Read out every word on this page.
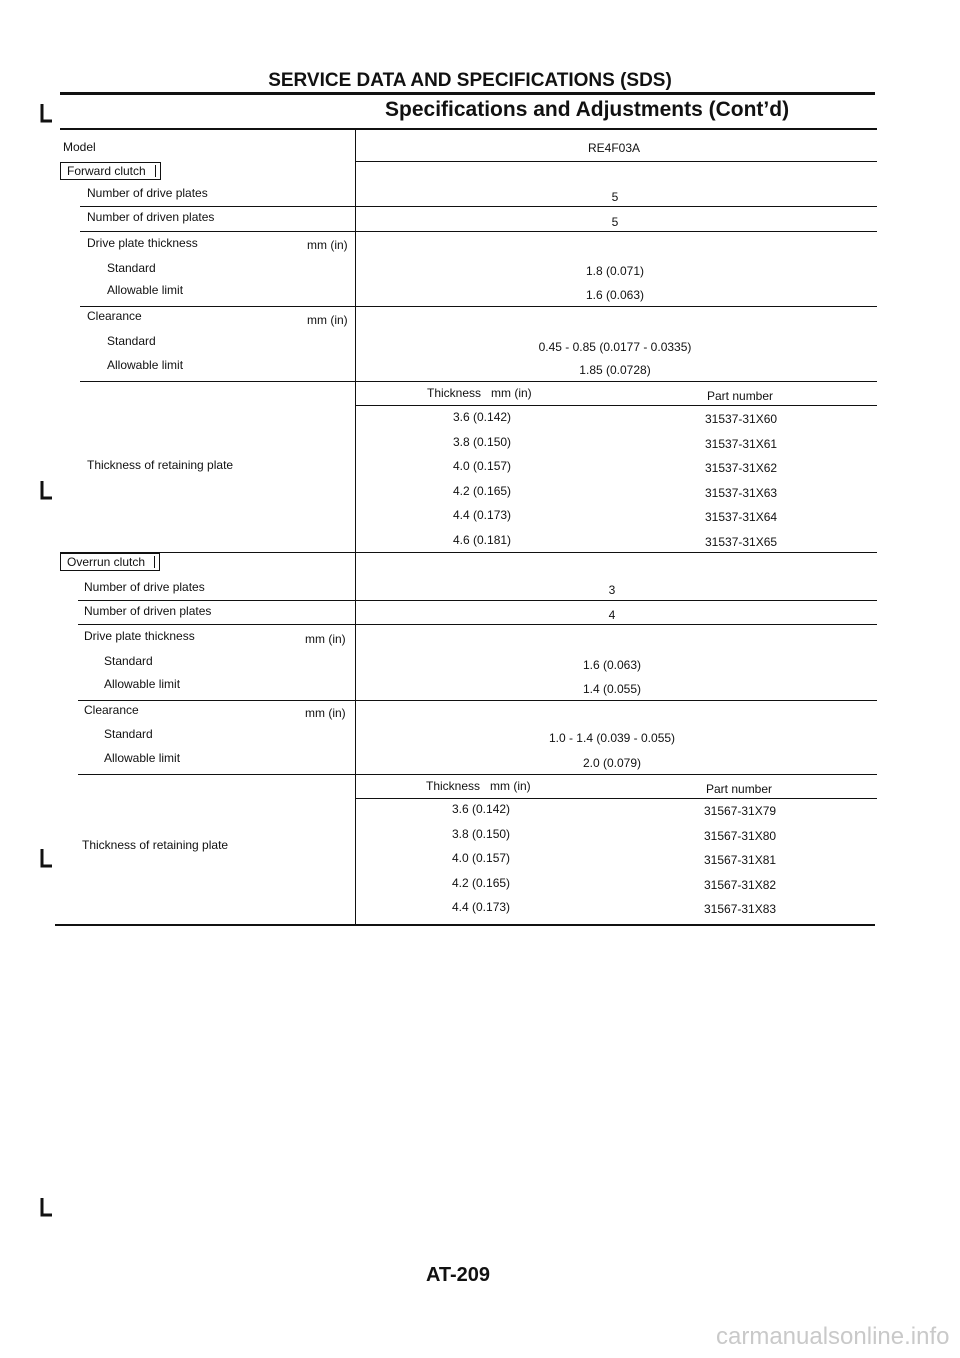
SERVICE DATA AND SPECIFICATIONS (SDS)
Specifications and Adjustments (Cont’d)
Model	RE4F03A
Forward clutch
Number of drive plates	5
Number of driven plates	5
Drive plate thickness	mm (in)
Standard	1.8 (0.071)
Allowable limit	1.6 (0.063)
Clearance	mm (in)
Standard	0.45 - 0.85 (0.0177 - 0.0335)
Allowable limit	1.85 (0.0728)
Thickness of retaining plate
Thickness   mm (in)	Part number
3.6 (0.142)	31537-31X60
3.8 (0.150)	31537-31X61
4.0 (0.157)	31537-31X62
4.2 (0.165)	31537-31X63
4.4 (0.173)	31537-31X64
4.6 (0.181)	31537-31X65
Overrun clutch
Number of drive plates	3
Number of driven plates	4
Drive plate thickness	mm (in)
Standard	1.6 (0.063)
Allowable limit	1.4 (0.055)
Clearance	mm (in)
Standard	1.0 - 1.4 (0.039 - 0.055)
Allowable limit	2.0 (0.079)
Thickness of retaining plate
Thickness   mm (in)	Part number
3.6 (0.142)	31567-31X79
3.8 (0.150)	31567-31X80
4.0 (0.157)	31567-31X81
4.2 (0.165)	31567-31X82
4.4 (0.173)	31567-31X83
AT-209
carmanualsonline.info
